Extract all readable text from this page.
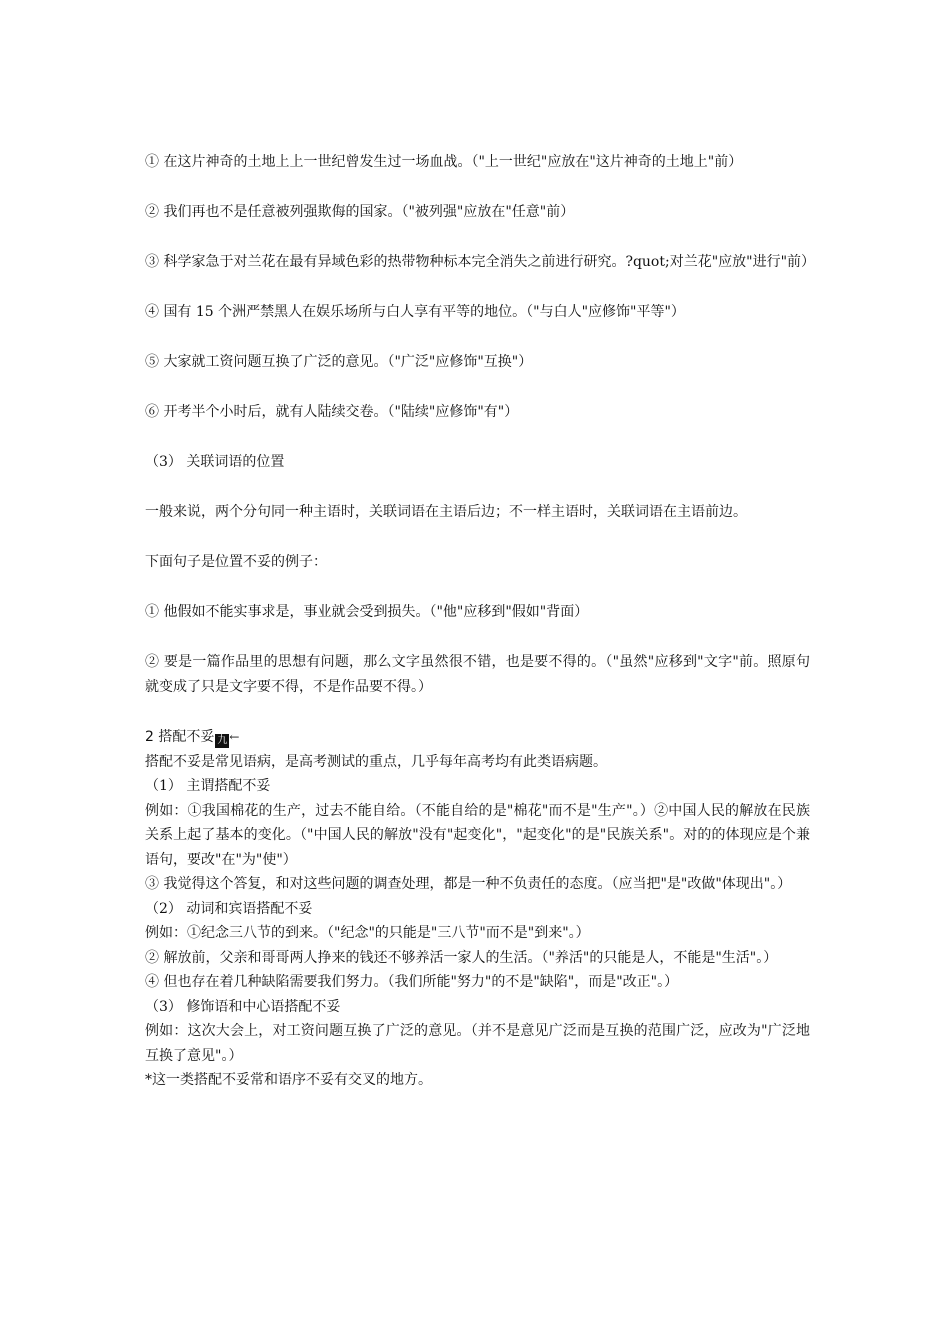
① 在这片神奇的土地上上一世纪曾发生过一场血战。（"上一世纪"应放在"这片神奇的土地上"前）

② 我们再也不是任意被列强欺侮的国家。（"被列强"应放在"任意"前）

③ 科学家急于对兰花在最有异域色彩的热带物种标本完全消失之前进行研究。?quot;对兰花"应放"进行"前）

④ 国有 15 个洲严禁黑人在娱乐场所与白人享有平等的地位。（"与白人"应修饰"平等"）

⑤ 大家就工资问题互换了广泛的意见。（"广泛"应修饰"互换"）

⑥ 开考半个小时后，就有人陆续交卷。（"陆续"应修饰"有"）

（3） 关联词语的位置

一般来说，两个分句同一种主语时，关联词语在主语后边；不一样主语时，关联词语在主语前边。

下面句子是位置不妥的例子：

① 他假如不能实事求是，事业就会受到损失。（"他"应移到"假如"背面）

② 要是一篇作品里的思想有问题，那么文字虽然很不错，也是要不得的。（"虽然"应移到"文字"前。照原句就变成了只是文字要不得，不是作品要不得。）

2 搭配不妥 九 ←

搭配不妥是常见语病，是高考测试的重点，几乎每年高考均有此类语病题。

（1） 主谓搭配不妥

例如：①我国棉花的生产，过去不能自给。（不能自给的是"棉花"而不是"生产"。）②中国人民的解放在民族关系上起了基本的变化。（"中国人民的解放"没有"起变化"，"起变化"的是"民族关系"。对的的体现应是个兼语句，要改"在"为"使"）

③ 我觉得这个答复，和对这些问题的调查处理，都是一种不负责任的态度。（应当把"是"改做"体现出"。）

（2） 动词和宾语搭配不妥

例如：①纪念三八节的到来。（"纪念"的只能是"三八节"而不是"到来"。）

② 解放前，父亲和哥哥两人挣来的钱还不够养活一家人的生活。（"养活"的只能是人，不能是"生活"。）

④ 但也存在着几种缺陷需要我们努力。（我们所能"努力"的不是"缺陷"，而是"改正"。）

（3） 修饰语和中心语搭配不妥

例如：这次大会上，对工资问题互换了广泛的意见。（并不是意见广泛而是互换的范围广泛，应改为"广泛地互换了意见"。）

*这一类搭配不妥常和语序不妥有交叉的地方。
